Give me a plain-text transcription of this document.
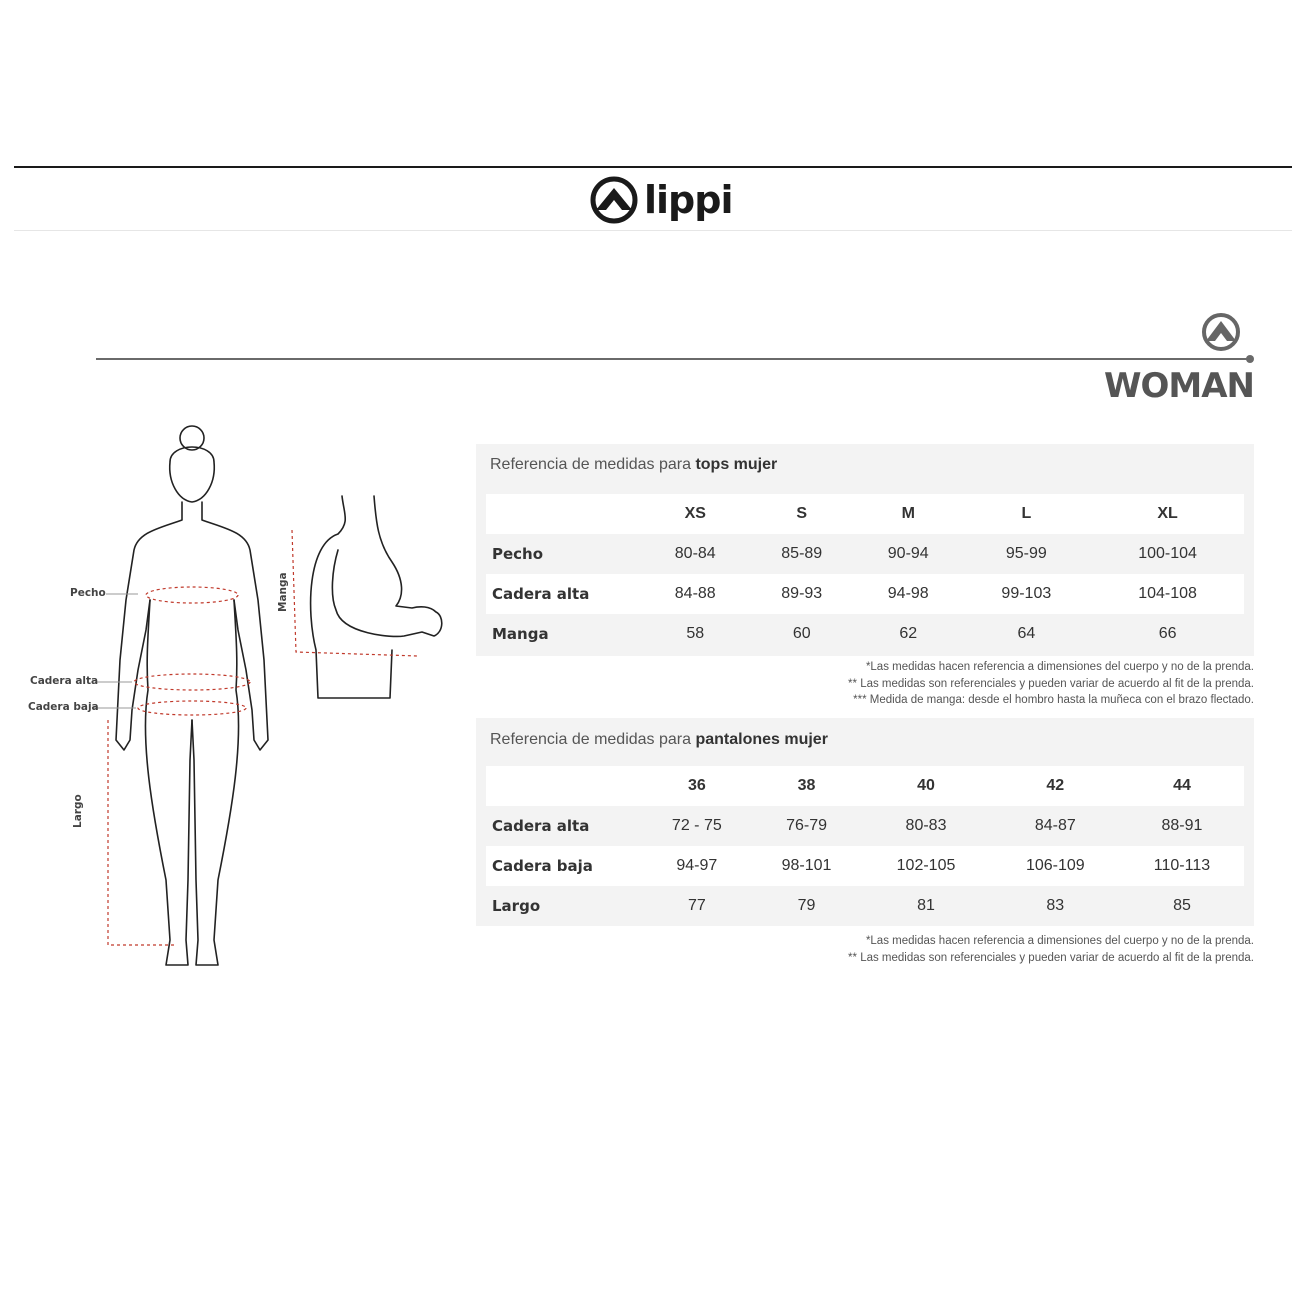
lippi
WOMAN
Pecho
Cadera alta
Cadera baja
Largo
Manga
Referencia de medidas para tops mujer
	XS	S	M	L	XL
Pecho	80-84	85-89	90-94	95-99	100-104
Cadera alta	84-88	89-93	94-98	99-103	104-108
Manga	58	60	62	64	66
*Las medidas hacen referencia a dimensiones del cuerpo y no de la prenda.
** Las medidas son referenciales y pueden variar de acuerdo al fit de la prenda.
*** Medida de manga: desde el hombro hasta la muñeca con el brazo flectado.
Referencia de medidas para pantalones mujer
	36	38	40	42	44
Cadera alta	72 - 75	76-79	80-83	84-87	88-91
Cadera baja	94-97	98-101	102-105	106-109	110-113
Largo	77	79	81	83	85
*Las medidas hacen referencia a dimensiones del cuerpo y no de la prenda.
** Las medidas son referenciales y pueden variar de acuerdo al fit de la prenda.
